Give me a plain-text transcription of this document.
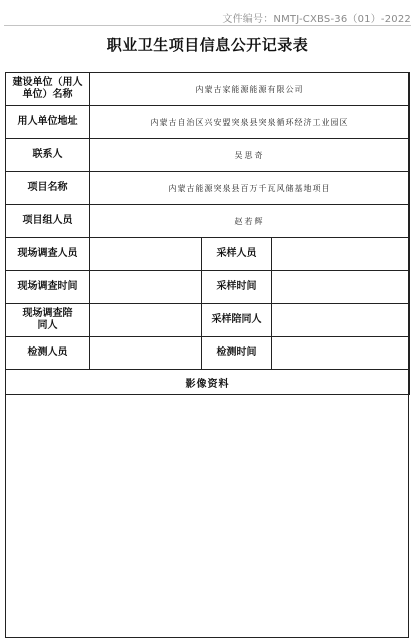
文件编号：NMTJ-CXBS-36（01）-2022
职业卫生项目信息公开记录表
建设单位（用人单位）名称	内蒙古家能源能源有限公司		
用人单位地址	内蒙古自治区兴安盟突泉县突泉循环经济工业园区		
联系人	吴思奇		
项目名称	内蒙古能源突泉县百万千瓦风储基地项目		
项目组人员	赵若辉		
现场调查人员		采样人员	
现场调查时间		采样时间	
现场调查陪同人		采样陪同人	
检测人员		检测时间	
影像资料			
